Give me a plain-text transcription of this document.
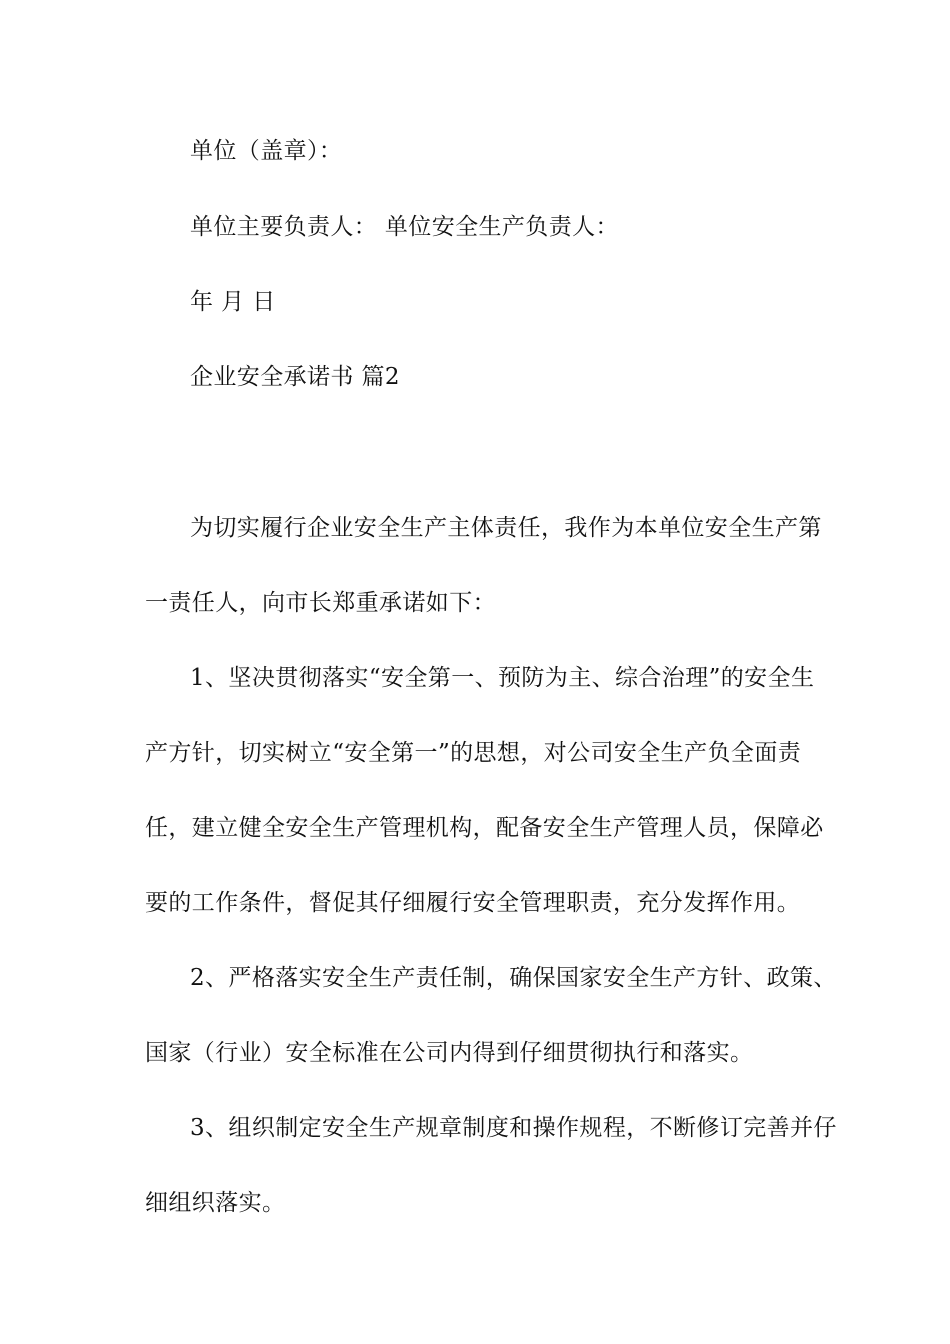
单位（盖章）：
单位主要负责人： 单位安全生产负责人：
年 月 日
企业安全承诺书 篇2
为切实履行企业安全生产主体责任，我作为本单位安全生产第
一责任人，向市长郑重承诺如下：
1、坚决贯彻落实“安全第一、预防为主、综合治理”的安全生
产方针，切实树立“安全第一”的思想，对公司安全生产负全面责
任，建立健全安全生产管理机构，配备安全生产管理人员，保障必
要的工作条件，督促其仔细履行安全管理职责，充分发挥作用。
2、严格落实安全生产责任制，确保国家安全生产方针、政策、
国家（行业）安全标准在公司内得到仔细贯彻执行和落实。
3、组织制定安全生产规章制度和操作规程，不断修订完善并仔
细组织落实。
